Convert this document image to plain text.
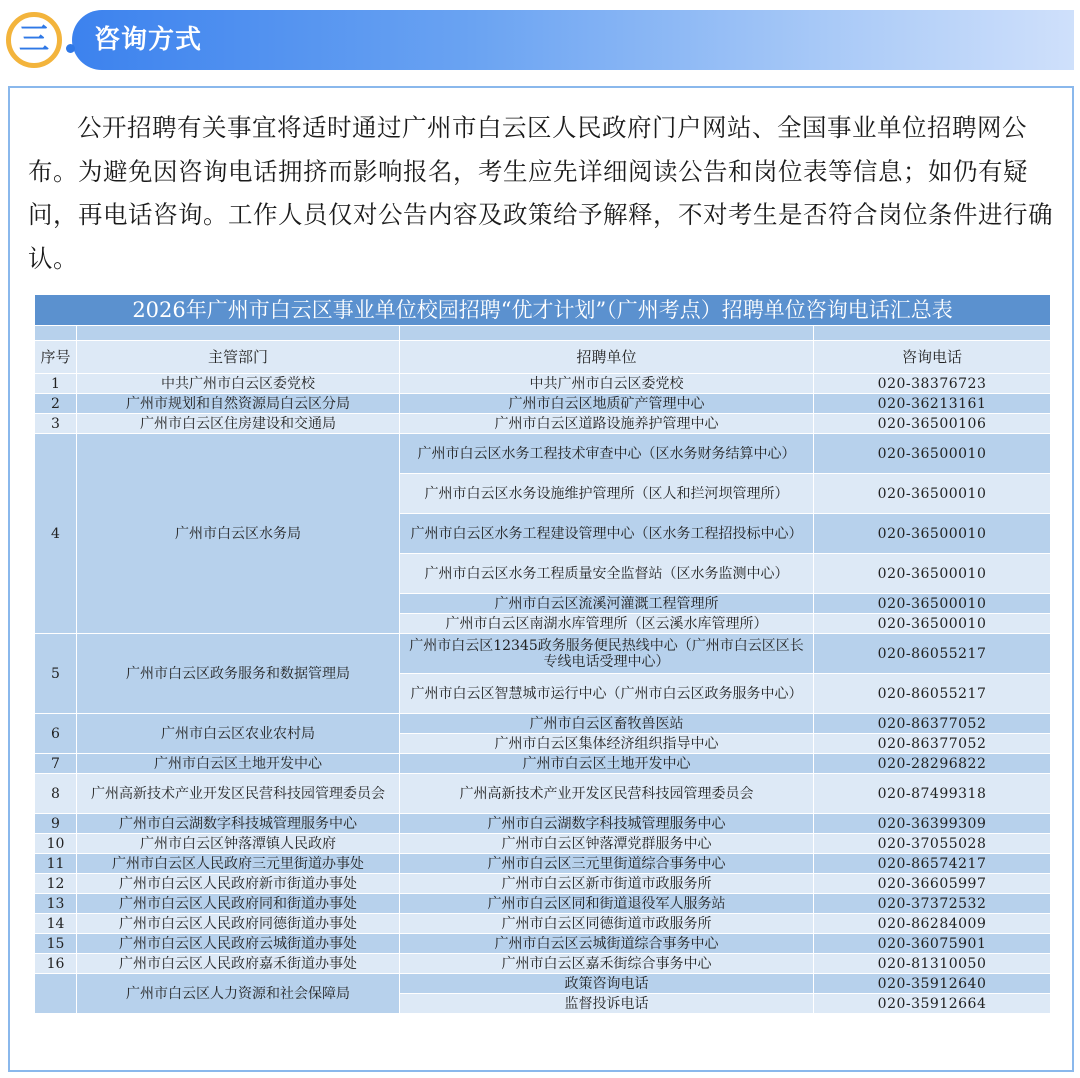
三	咨询方式

公开招聘有关事宜将适时通过广州市白云区人民政府门户网站、全国事业单位招聘网公布。为避免因咨询电话拥挤而影响报名，考生应先详细阅读公告和岗位表等信息；如仍有疑问，再电话咨询。工作人员仅对公告内容及政策给予解释，不对考生是否符合岗位条件进行确认。

2026年广州市白云区事业单位校园招聘“优才计划”（广州考点）招聘单位咨询电话汇总表			

序号	主管部门	招聘单位	咨询电话
1	中共广州市白云区委党校	中共广州市白云区委党校	020-38376723
2	广州市规划和自然资源局白云区分局	广州市白云区地质矿产管理中心	020-36213161
3	广州市白云区住房建设和交通局	广州市白云区道路设施养护管理中心	020-36500106
4	广州市白云区水务局	广州市白云区水务工程技术审查中心（区水务财务结算中心）	020-36500010
		广州市白云区水务设施维护管理所（区人和拦河坝管理所）	020-36500010
		广州市白云区水务工程建设管理中心（区水务工程招投标中心）	020-36500010
		广州市白云区水务工程质量安全监督站（区水务监测中心）	020-36500010
		广州市白云区流溪河灌溉工程管理所	020-36500010
		广州市白云区南湖水库管理所（区云溪水库管理所）	020-36500010
5	广州市白云区政务服务和数据管理局	广州市白云区12345政务服务便民热线中心（广州市白云区区长专线电话受理中心）	020-86055217
		广州市白云区智慧城市运行中心（广州市白云区政务服务中心）	020-86055217
6	广州市白云区农业农村局	广州市白云区畜牧兽医站	020-86377052
		广州市白云区集体经济组织指导中心	020-86377052
7	广州市白云区土地开发中心	广州市白云区土地开发中心	020-28296822
8	广州高新技术产业开发区民营科技园管理委员会	广州高新技术产业开发区民营科技园管理委员会	020-87499318
9	广州市白云湖数字科技城管理服务中心	广州市白云湖数字科技城管理服务中心	020-36399309
10	广州市白云区钟落潭镇人民政府	广州市白云区钟落潭党群服务中心	020-37055028
11	广州市白云区人民政府三元里街道办事处	广州市白云区三元里街道综合事务中心	020-86574217
12	广州市白云区人民政府新市街道办事处	广州市白云区新市街道市政服务所	020-36605997
13	广州市白云区人民政府同和街道办事处	广州市白云区同和街道退役军人服务站	020-37372532
14	广州市白云区人民政府同德街道办事处	广州市白云区同德街道市政服务所	020-86284009
15	广州市白云区人民政府云城街道办事处	广州市白云区云城街道综合事务中心	020-36075901
16	广州市白云区人民政府嘉禾街道办事处	广州市白云区嘉禾街综合事务中心	020-81310050
	广州市白云区人力资源和社会保障局	政策咨询电话	020-35912640
		监督投诉电话	020-35912664
